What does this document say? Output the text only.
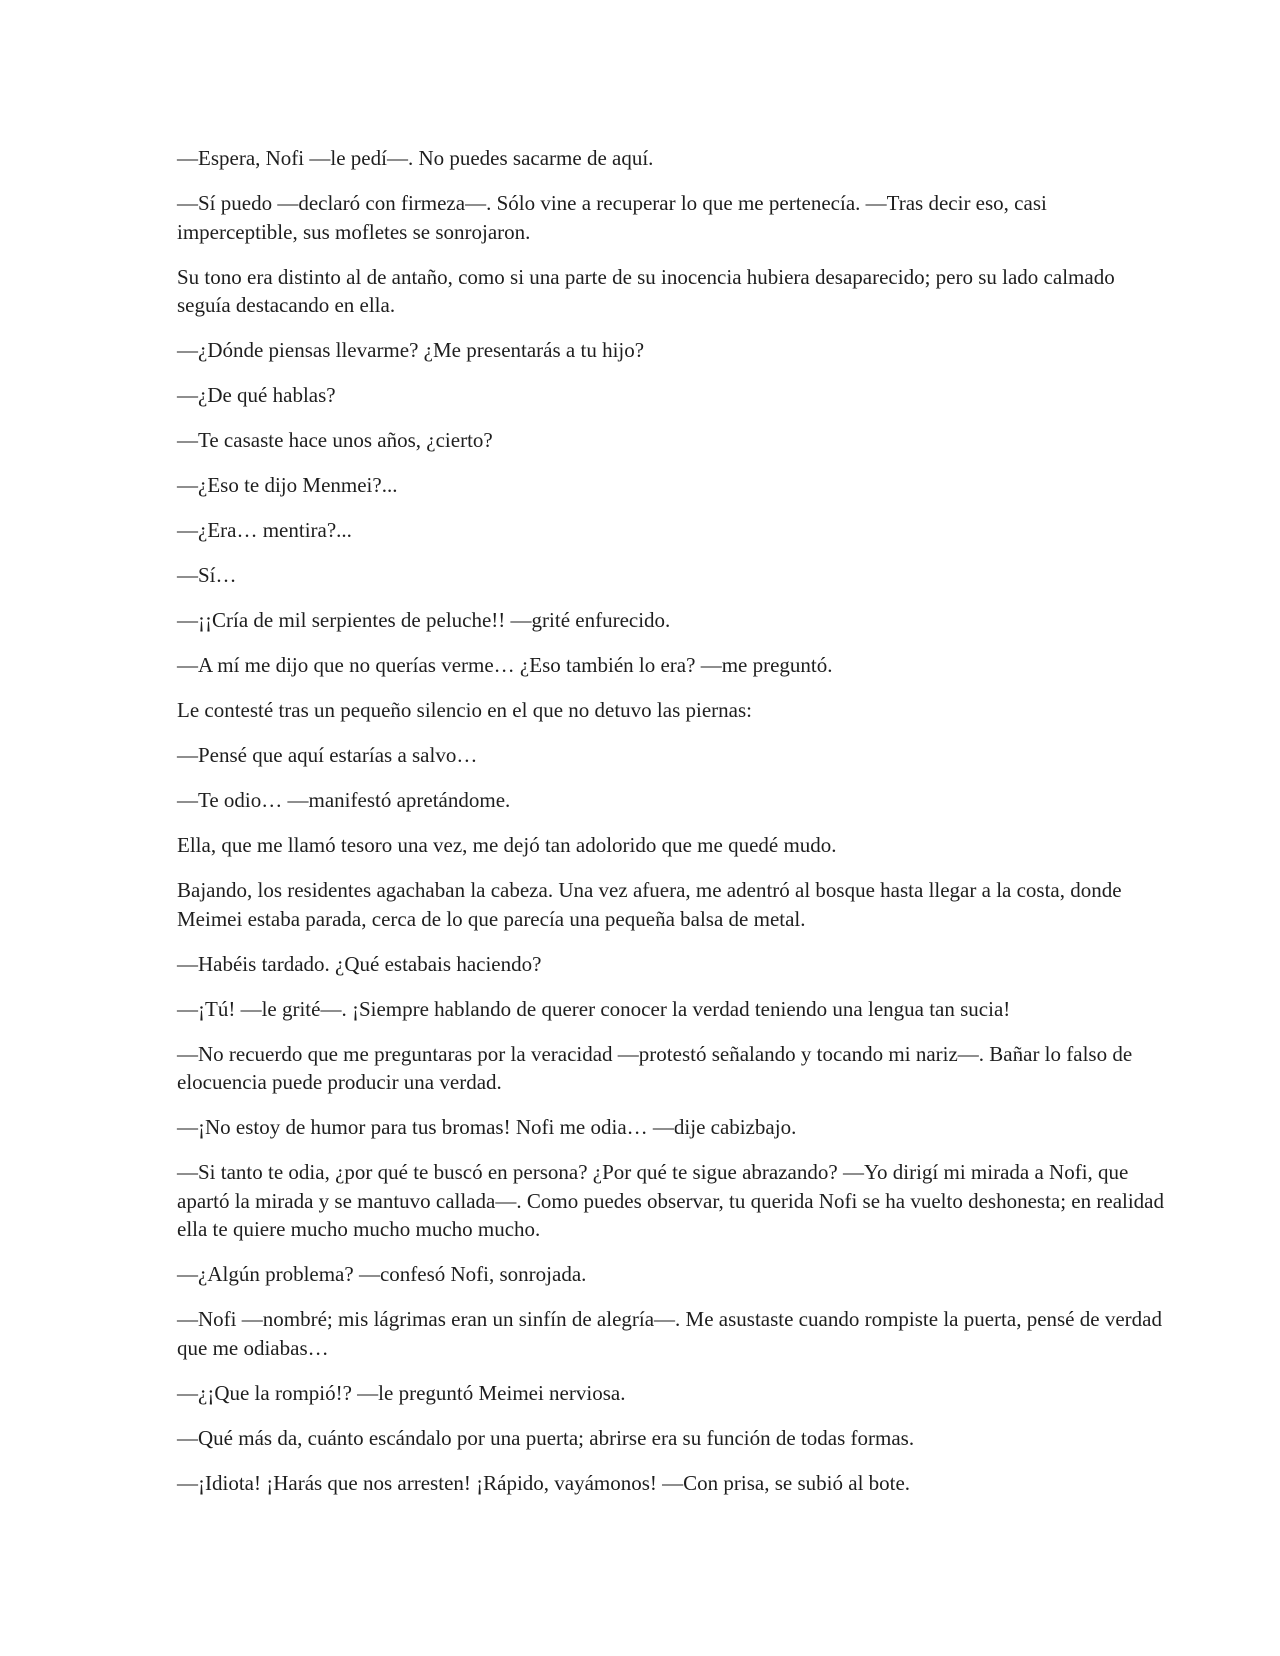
—Espera, Nofi —le pedí—. No puedes sacarme de aquí.

—Sí puedo —declaró con firmeza—. Sólo vine a recuperar lo que me pertenecía. —Tras decir eso, casi imperceptible, sus mofletes se sonrojaron.

Su tono era distinto al de antaño, como si una parte de su inocencia hubiera desaparecido; pero su lado calmado seguía destacando en ella.

—¿Dónde piensas llevarme? ¿Me presentarás a tu hijo?

—¿De qué hablas?

—Te casaste hace unos años, ¿cierto?

—¿Eso te dijo Menmei?...

—¿Era… mentira?...

—Sí…

—¡¡Cría de mil serpientes de peluche!! —grité enfurecido.

—A mí me dijo que no querías verme… ¿Eso también lo era? —me preguntó.

Le contesté tras un pequeño silencio en el que no detuvo las piernas:

—Pensé que aquí estarías a salvo…

—Te odio… —manifestó apretándome.

Ella, que me llamó tesoro una vez, me dejó tan adolorido que me quedé mudo.

Bajando, los residentes agachaban la cabeza. Una vez afuera, me adentró al bosque hasta llegar a la costa, donde Meimei estaba parada, cerca de lo que parecía una pequeña balsa de metal.

—Habéis tardado. ¿Qué estabais haciendo?

—¡Tú! —le grité—. ¡Siempre hablando de querer conocer la verdad teniendo una lengua tan sucia!

—No recuerdo que me preguntaras por la veracidad —protestó señalando y tocando mi nariz—. Bañar lo falso de elocuencia puede producir una verdad.

—¡No estoy de humor para tus bromas! Nofi me odia… —dije cabizbajo.

—Si tanto te odia, ¿por qué te buscó en persona? ¿Por qué te sigue abrazando? —Yo dirigí mi mirada a Nofi, que apartó la mirada y se mantuvo callada—. Como puedes observar, tu querida Nofi se ha vuelto deshonesta; en realidad ella te quiere mucho mucho mucho mucho.

—¿Algún problema? —confesó Nofi, sonrojada.

—Nofi —nombré; mis lágrimas eran un sinfín de alegría—. Me asustaste cuando rompiste la puerta, pensé de verdad que me odiabas…

—¿¡Que la rompió!? —le preguntó Meimei nerviosa.

—Qué más da, cuánto escándalo por una puerta; abrirse era su función de todas formas.

—¡Idiota! ¡Harás que nos arresten! ¡Rápido, vayámonos! —Con prisa, se subió al bote.
